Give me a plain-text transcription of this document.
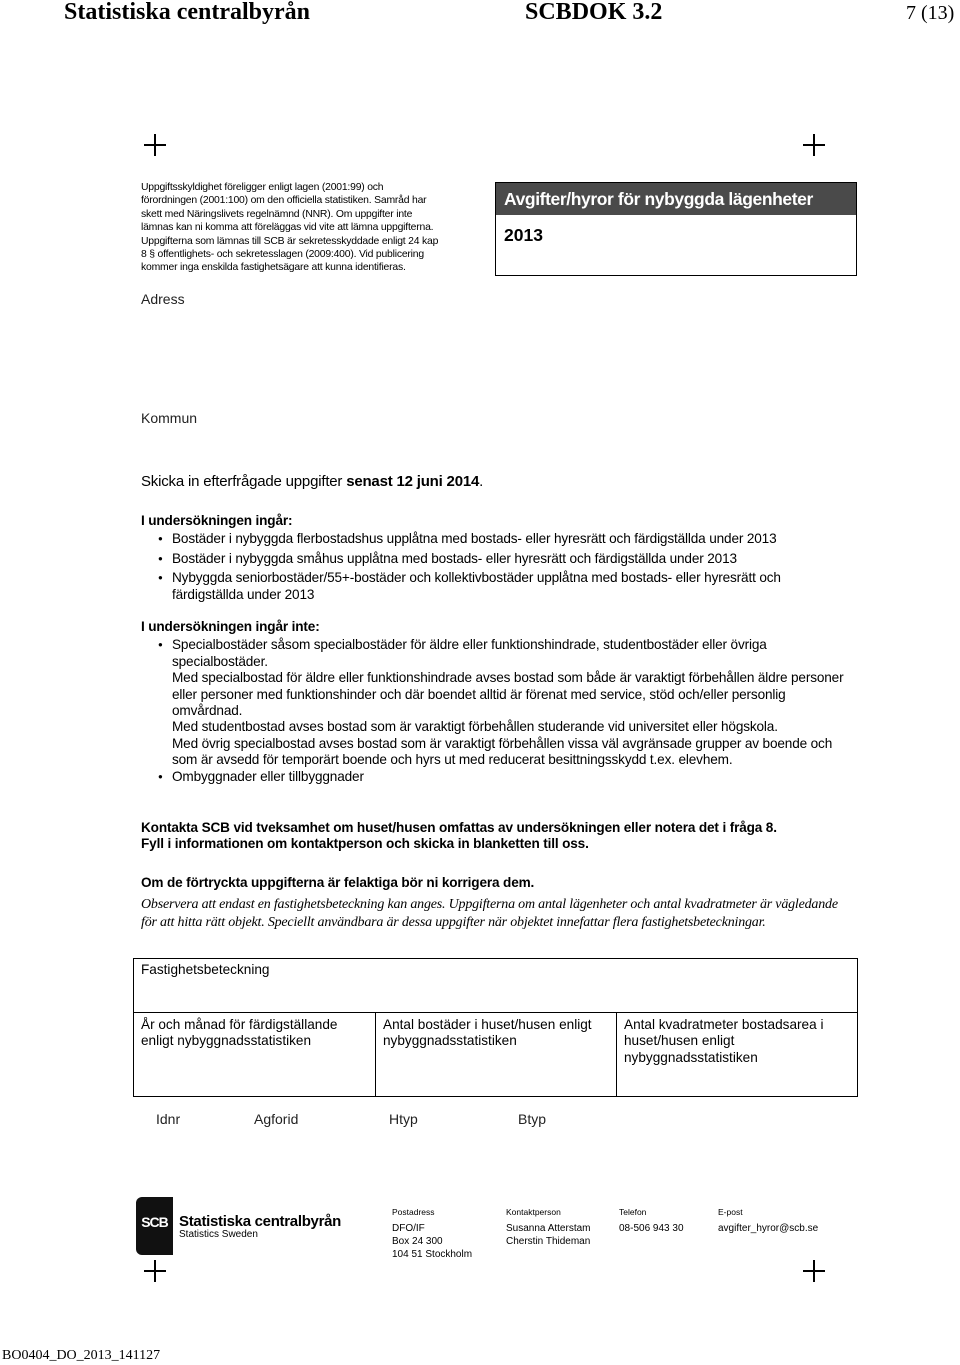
Statistiska centralbyrån	SCBDOK 3.2	7 (13)
Uppgiftsskyldighet föreligger enligt lagen (2001:99) och
förordningen (2001:100) om den officiella statistiken. Samråd har
skett med Näringslivets regelnämnd (NNR). Om uppgifter inte
lämnas kan ni komma att föreläggas vid vite att lämna uppgifterna.
Uppgifterna som lämnas till SCB är sekretesskyddade enligt 24 kap
8 § offentlighets- och sekretesslagen (2009:400). Vid publicering
kommer inga enskilda fastighetsägare att kunna identifieras.
Avgifter/hyror för nybyggda lägenheter
2013
Adress
Kommun
Skicka in efterfrågade uppgifter senast 12 juni 2014.
I undersökningen ingår:
● Bostäder i nybyggda flerbostadshus upplåtna med bostads- eller hyresrätt och färdigställda under 2013
● Bostäder i nybyggda småhus upplåtna med bostads- eller hyresrätt och färdigställda under 2013
● Nybyggda seniorbostäder/55+-bostäder och kollektivbostäder upplåtna med bostads- eller hyresrätt och färdigställda under 2013
I undersökningen ingår inte:
● Specialbostäder såsom specialbostäder för äldre eller funktionshindrade, studentbostäder eller övriga specialbostäder.
Med specialbostad för äldre eller funktionshindrade avses bostad som både är varaktigt förbehållen äldre personer eller personer med funktionshinder och där boendet alltid är förenat med service, stöd och/eller personlig omvårdnad.
Med studentbostad avses bostad som är varaktigt förbehållen studerande vid universitet eller högskola.
Med övrig specialbostad avses bostad som är varaktigt förbehållen vissa väl avgränsade grupper av boende och som är avsedd för temporärt boende och hyrs ut med reducerat besittningsskydd t.ex. elevhem.
● Ombyggnader eller tillbyggnader
Kontakta SCB vid tveksamhet om huset/husen omfattas av undersökningen eller notera det i fråga 8.
Fyll i informationen om kontaktperson och skicka in blanketten till oss.
Om de förtryckta uppgifterna är felaktiga bör ni korrigera dem.
Observera att endast en fastighetsbeteckning kan anges. Uppgifterna om antal lägenheter och antal kvadratmeter är vägledande för att hitta rätt objekt. Speciellt användbara är dessa uppgifter när objektet innefattar flera fastighetsbeteckningar.
Fastighetsbeteckning
År och månad för färdigställande enligt nybyggnadsstatistiken
Antal bostäder i huset/husen enligt nybyggnadsstatistiken
Antal kvadratmeter bostadsarea i huset/husen enligt nybyggnadsstatistiken
Idnr	Agforid	Htyp	Btyp
SCB Statistiska centralbyrån
Statistics Sweden
Postadress
DFO/IF
Box 24 300
104 51 Stockholm
Kontaktperson
Susanna Atterstam
Cherstin Thideman
Telefon
08-506 943 30
E-post
avgifter_hyror@scb.se
BO0404_DO_2013_141127
